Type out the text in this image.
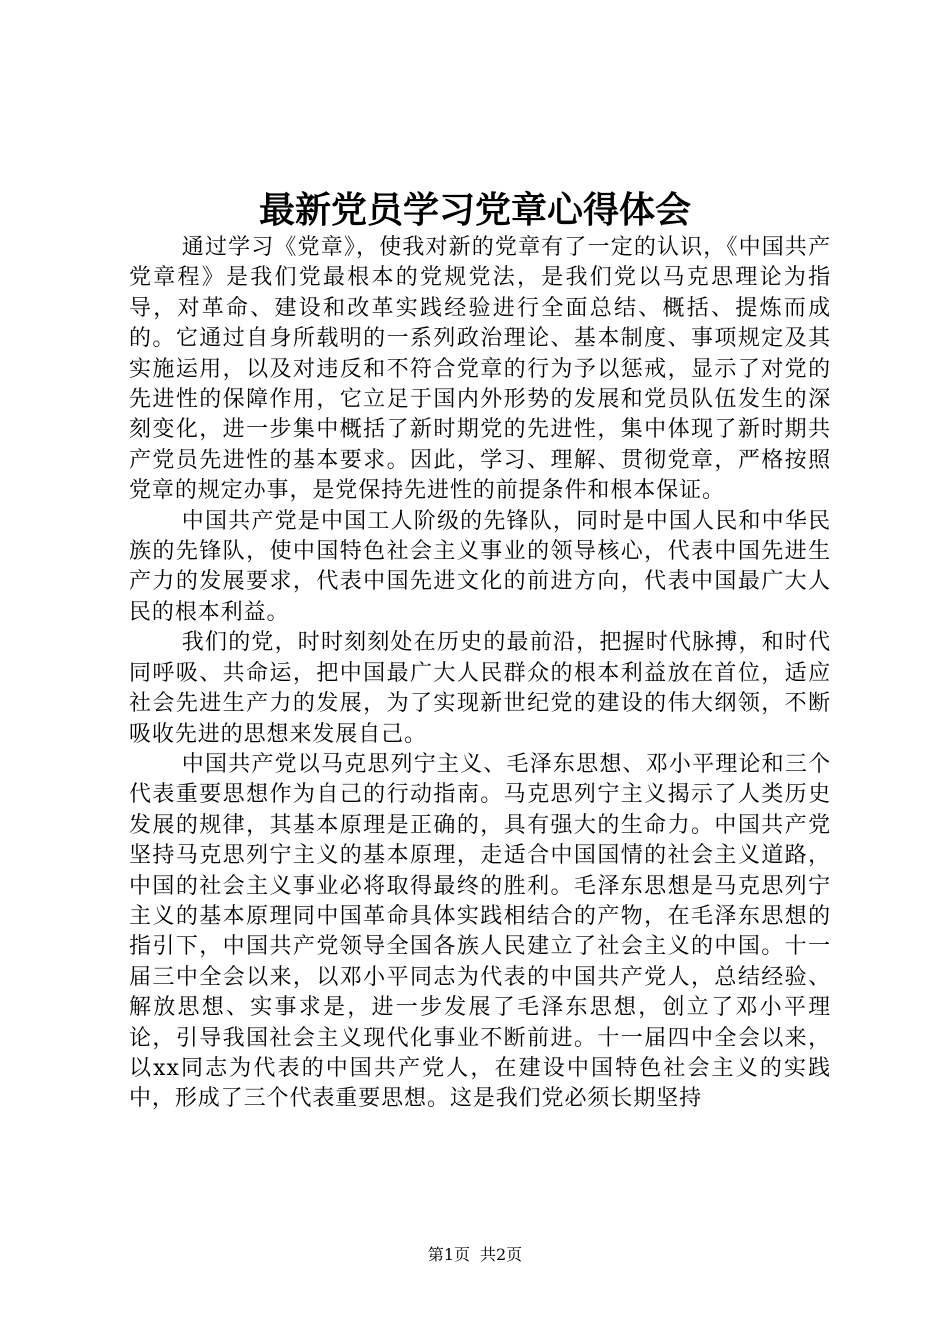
最新党员学习党章心得体会

通过学习《党章》，使我对新的党章有了一定的认识，《中国共产党章程》是我们党最根本的党规党法，是我们党以马克思理论为指导，对革命、建设和改革实践经验进行全面总结、概括、提炼而成的。它通过自身所载明的一系列政治理论、基本制度、事项规定及其实施运用，以及对违反和不符合党章的行为予以惩戒，显示了对党的先进性的保障作用，它立足于国内外形势的发展和党员队伍发生的深刻变化，进一步集中概括了新时期党的先进性，集中体现了新时期共产党员先进性的基本要求。因此，学习、理解、贯彻党章，严格按照党章的规定办事，是党保持先进性的前提条件和根本保证。

中国共产党是中国工人阶级的先锋队，同时是中国人民和中华民族的先锋队，使中国特色社会主义事业的领导核心，代表中国先进生产力的发展要求，代表中国先进文化的前进方向，代表中国最广大人民的根本利益。

我们的党，时时刻刻处在历史的最前沿，把握时代脉搏，和时代同呼吸、共命运，把中国最广大人民群众的根本利益放在首位，适应社会先进生产力的发展，为了实现新世纪党的建设的伟大纲领，不断吸收先进的思想来发展自己。

中国共产党以马克思列宁主义、毛泽东思想、邓小平理论和三个代表重要思想作为自己的行动指南。马克思列宁主义揭示了人类历史发展的规律，其基本原理是正确的，具有强大的生命力。中国共产党坚持马克思列宁主义的基本原理，走适合中国国情的社会主义道路，中国的社会主义事业必将取得最终的胜利。毛泽东思想是马克思列宁主义的基本原理同中国革命具体实践相结合的产物，在毛泽东思想的指引下，中国共产党领导全国各族人民建立了社会主义的中国。十一届三中全会以来，以邓小平同志为代表的中国共产党人，总结经验、解放思想、实事求是，进一步发展了毛泽东思想，创立了邓小平理论，引导我国社会主义现代化事业不断前进。十一届四中全会以来，以xx同志为代表的中国共产党人，在建设中国特色社会主义的实践中，形成了三个代表重要思想。这是我们党必须长期坚持

第1页 共2页
